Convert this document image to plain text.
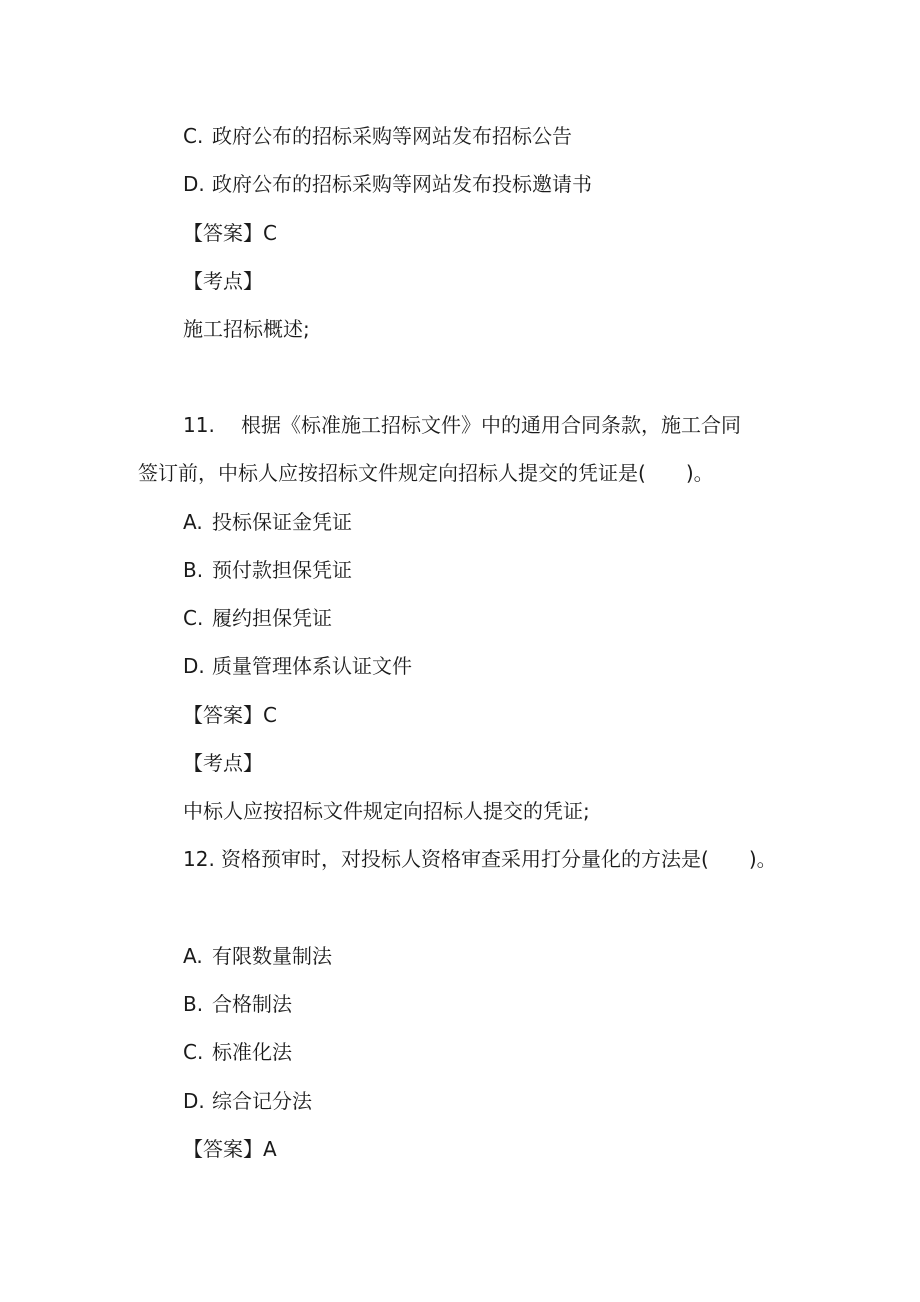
C. 政府公布的招标采购等网站发布招标公告
D. 政府公布的招标采购等网站发布投标邀请书
【答案】C
【考点】
施工招标概述;
11. 根据《标准施工招标文件》中的通用合同条款，施工合同
签订前，中标人应按招标文件规定向招标人提交的凭证是( )。
A. 投标保证金凭证
B. 预付款担保凭证
C. 履约担保凭证
D. 质量管理体系认证文件
【答案】C
【考点】
中标人应按招标文件规定向招标人提交的凭证;
12. 资格预审时，对投标人资格审查采用打分量化的方法是( )。
A. 有限数量制法
B. 合格制法
C. 标准化法
D. 综合记分法
【答案】A
